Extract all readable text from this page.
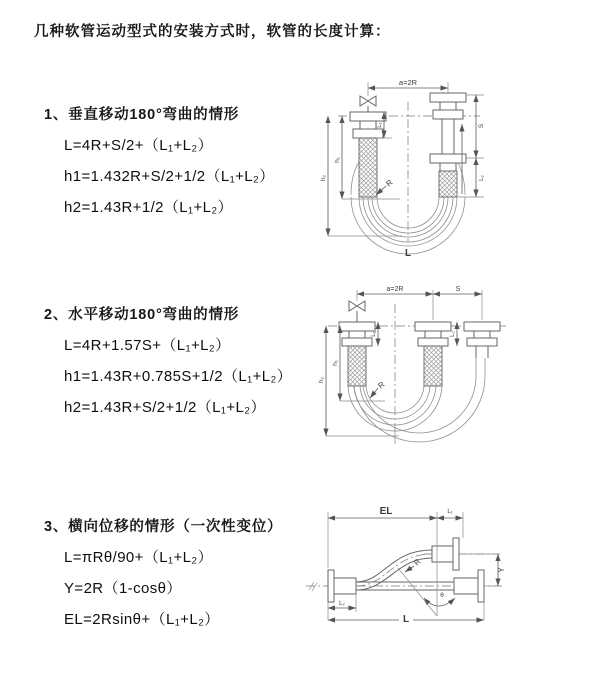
几种软管运动型式的安装方式时，软管的长度计算：
1、垂直移动180°弯曲的情形
L=4R+S/2+（L₁+L₂）
h1=1.432R+S/2+1/2（L₁+L₂）
h2=1.43R+1/2（L₁+L₂）
a=2R
h₂
h₁
L₁	S
L₂
R
L
2、水平移动180°弯曲的情形
L=4R+1.57S+（L₁+L₂）
h1=1.43R+0.785S+1/2（L₁+L₂）
h2=1.43R+S/2+1/2（L₁+L₂）
a=2R	S
h₂
h₁
L₁	L₂
R
3、横向位移的情形（一次性变位）
L=πRθ/90+（L₁+L₂）
Y=2R（1-cosθ）
EL=2Rsinθ+（L₁+L₂）
θ
EL	L₁
Y
R
L₂
L
